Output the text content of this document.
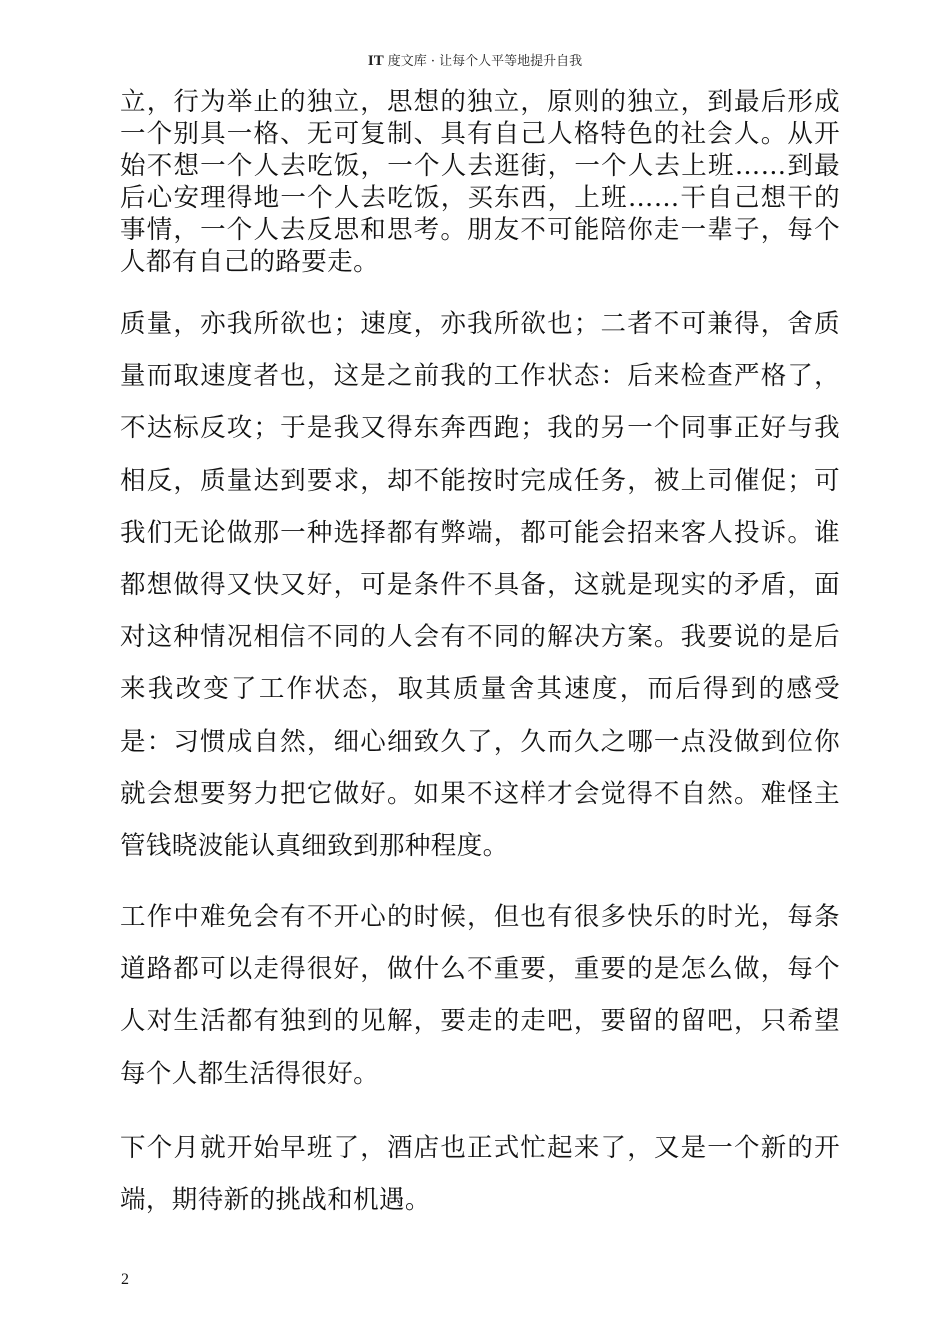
IT 度文库 · 让每个人平等地提升自我

立，行为举止的独立，思想的独立，原则的独立，到最后形成一个别具一格、无可复制、具有自己人格特色的社会人。从开始不想一个人去吃饭，一个人去逛街，一个人去上班……到最后心安理得地一个人去吃饭，买东西，上班……干自己想干的事情，一个人去反思和思考。朋友不可能陪你走一辈子，每个人都有自己的路要走。

质量，亦我所欲也；速度，亦我所欲也；二者不可兼得，舍质量而取速度者也，这是之前我的工作状态：后来检查严格了，不达标反攻；于是我又得东奔西跑；我的另一个同事正好与我相反，质量达到要求，却不能按时完成任务，被上司催促；可我们无论做那一种选择都有弊端，都可能会招来客人投诉。谁都想做得又快又好，可是条件不具备，这就是现实的矛盾，面对这种情况相信不同的人会有不同的解决方案。我要说的是后来我改变了工作状态，取其质量舍其速度，而后得到的感受是：习惯成自然，细心细致久了，久而久之哪一点没做到位你就会想要努力把它做好。如果不这样才会觉得不自然。难怪主管钱晓波能认真细致到那种程度。

工作中难免会有不开心的时候，但也有很多快乐的时光，每条道路都可以走得很好，做什么不重要，重要的是怎么做，每个人对生活都有独到的见解，要走的走吧，要留的留吧，只希望每个人都生活得很好。

下个月就开始早班了，酒店也正式忙起来了，又是一个新的开端，期待新的挑战和机遇。

2
